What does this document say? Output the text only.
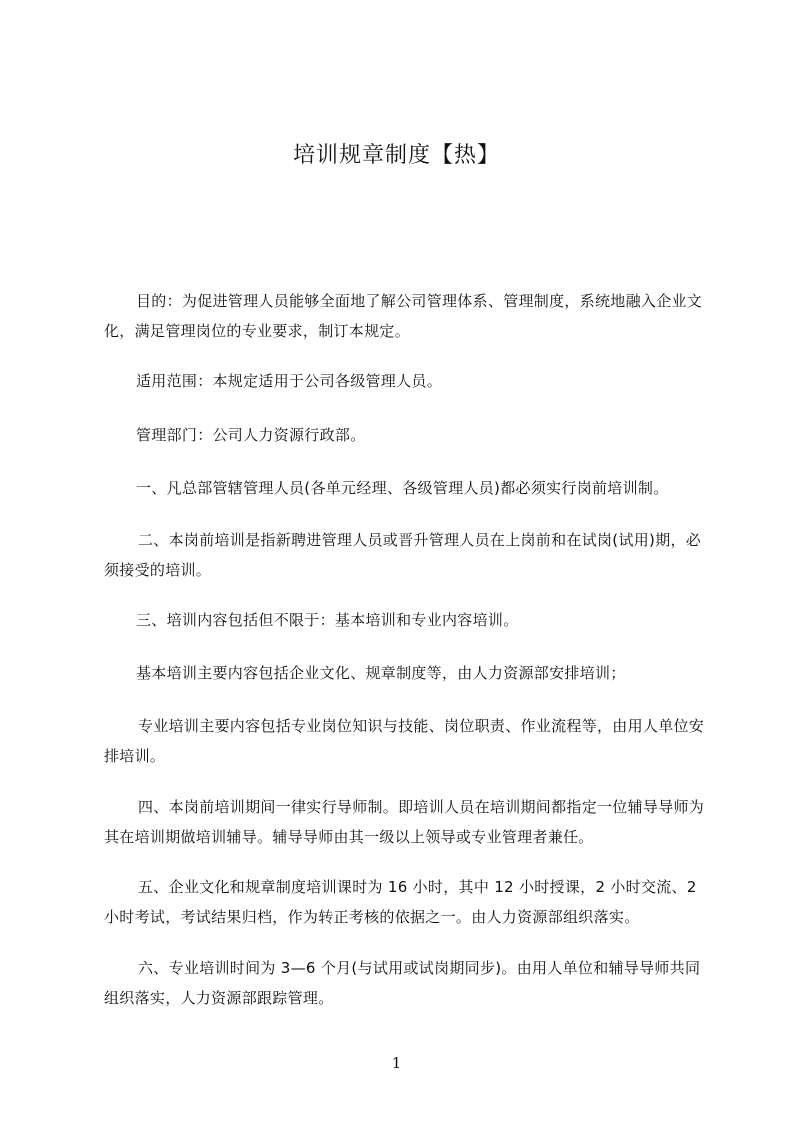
培训规章制度【热】

目的：为促进管理人员能够全面地了解公司管理体系、管理制度，系统地融入企业文化，满足管理岗位的专业要求，制订本规定。

适用范围：本规定适用于公司各级管理人员。

管理部门：公司人力资源行政部。

一、凡总部管辖管理人员(各单元经理、各级管理人员)都必须实行岗前培训制。

二、本岗前培训是指新聘进管理人员或晋升管理人员在上岗前和在试岗(试用)期，必须接受的培训。

三、培训内容包括但不限于：基本培训和专业内容培训。

基本培训主要内容包括企业文化、规章制度等，由人力资源部安排培训；

专业培训主要内容包括专业岗位知识与技能、岗位职责、作业流程等，由用人单位安排培训。

四、本岗前培训期间一律实行导师制。即培训人员在培训期间都指定一位辅导导师为其在培训期做培训辅导。辅导导师由其一级以上领导或专业管理者兼任。

五、企业文化和规章制度培训课时为 16 小时，其中 12 小时授课，2 小时交流、2 小时考试，考试结果归档，作为转正考核的依据之一。由人力资源部组织落实。

六、专业培训时间为 3—6 个月(与试用或试岗期同步)。由用人单位和辅导导师共同组织落实，人力资源部跟踪管理。

1
